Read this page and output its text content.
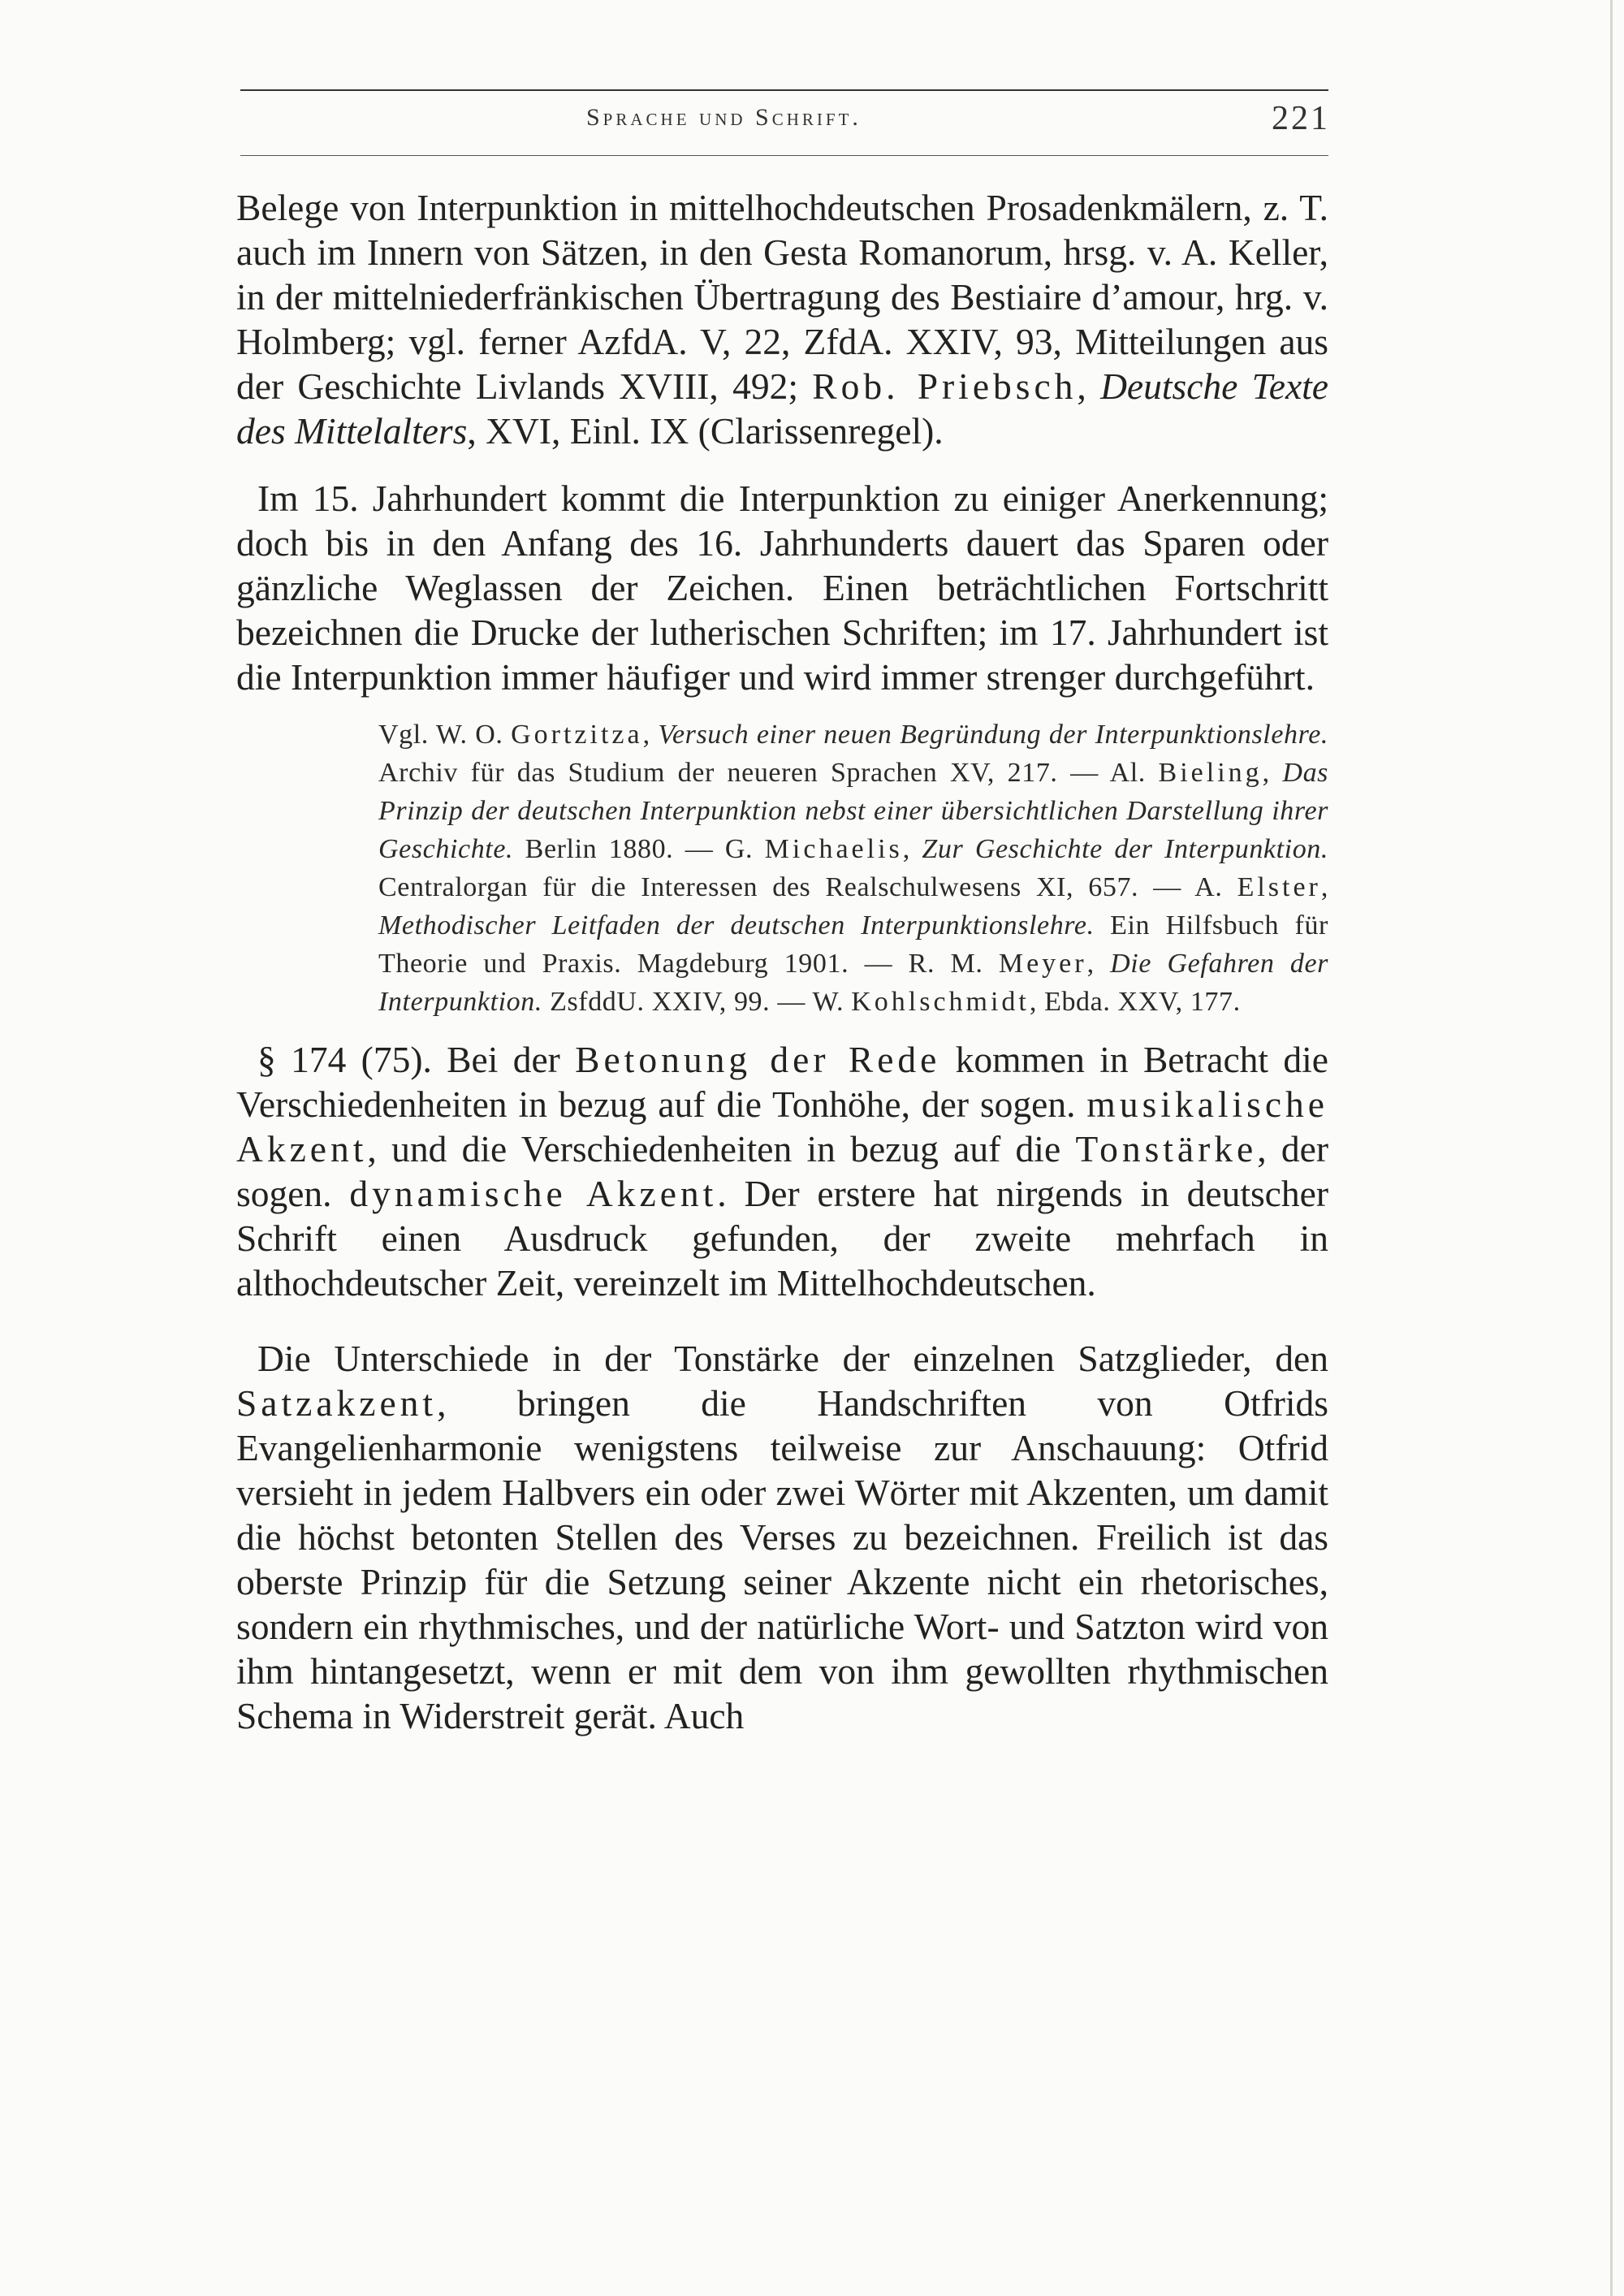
Sprache und Schrift.	221

Belege von Interpunktion in mittelhochdeutschen Prosadenkmälern, z. T. auch im Innern von Sätzen, in den Gesta Romanorum, hrsg. v. A. Keller, in der mittelniederfränkischen Übertragung des Bestiaire d’amour, hrg. v. Holmberg; vgl. ferner AzfdA. V, 22, ZfdA. XXIV, 93, Mitteilungen aus der Geschichte Livlands XVIII, 492; Rob. Priebsch, Deutsche Texte des Mittelalters, XVI, Einl. IX (Clarissenregel).

Im 15. Jahrhundert kommt die Interpunktion zu einiger Anerkennung; doch bis in den Anfang des 16. Jahrhunderts dauert das Sparen oder gänzliche Weglassen der Zeichen. Einen beträchtlichen Fortschritt bezeichnen die Drucke der lutherischen Schriften; im 17. Jahrhundert ist die Interpunktion immer häufiger und wird immer strenger durchgeführt.

Vgl. W. O. Gortzitza, Versuch einer neuen Begründung der Interpunktionslehre. Archiv für das Studium der neueren Sprachen XV, 217. — Al. Bieling, Das Prinzip der deutschen Interpunktion nebst einer übersichtlichen Darstellung ihrer Geschichte. Berlin 1880. — G. Michaelis, Zur Geschichte der Interpunktion. Centralorgan für die Interessen des Realschulwesens XI, 657. — A. Elster, Methodischer Leitfaden der deutschen Interpunktionslehre. Ein Hilfsbuch für Theorie und Praxis. Magdeburg 1901. — R. M. Meyer, Die Gefahren der Interpunktion. ZsfddU. XXIV, 99. — W. Kohlschmidt, Ebda. XXV, 177.

§ 174 (75). Bei der Betonung der Rede kommen in Betracht die Verschiedenheiten in bezug auf die Tonhöhe, der sogen. musikalische Akzent, und die Verschiedenheiten in bezug auf die Tonstärke, der sogen. dynamische Akzent. Der erstere hat nirgends in deutscher Schrift einen Ausdruck gefunden, der zweite mehrfach in althochdeutscher Zeit, vereinzelt im Mittelhochdeutschen.

Die Unterschiede in der Tonstärke der einzelnen Satzglieder, den Satzakzent, bringen die Handschriften von Otfrids Evangelienharmonie wenigstens teilweise zur Anschauung: Otfrid versieht in jedem Halbvers ein oder zwei Wörter mit Akzenten, um damit die höchst betonten Stellen des Verses zu bezeichnen. Freilich ist das oberste Prinzip für die Setzung seiner Akzente nicht ein rhetorisches, sondern ein rhythmisches, und der natürliche Wort- und Satzton wird von ihm hintangesetzt, wenn er mit dem von ihm gewollten rhythmischen Schema in Widerstreit gerät. Auch
